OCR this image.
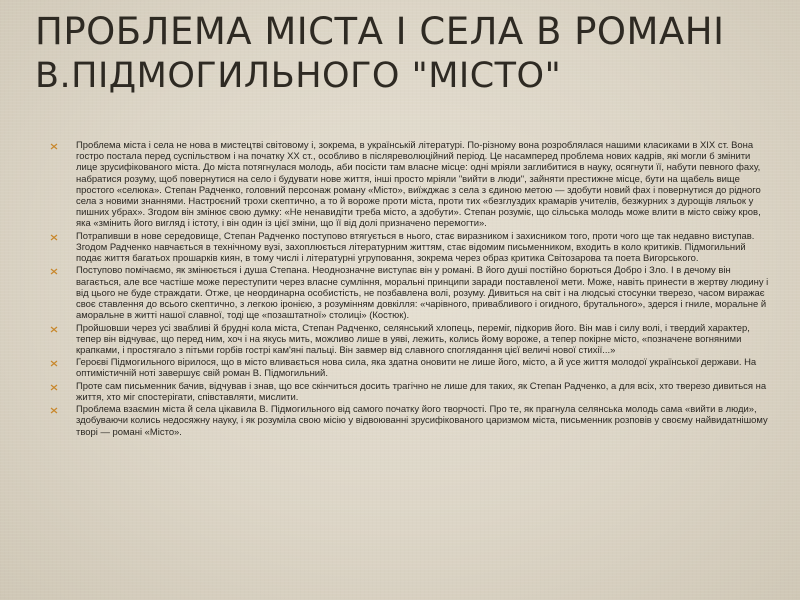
ПРОБЛЕМА МІСТА І СЕЛА В РОМАНІ
В.ПІДМОГИЛЬНОГО "МІСТО"
Проблема міста і села не нова в мистецтві світовому і, зокрема, в українській літературі. По-різному вона розроблялася нашими класиками в XIX ст. Вона гостро постала перед суспільством і на початку XX ст., особливо в післяреволюційний період. Це насамперед проблема нових кадрів, які могли б змінити лице зрусифікованого міста. До міста потягнулася молодь, аби посісти там власне місце: одні мріяли заглибитися в науку, осягнути її, набути певного фаху, набратися розуму, щоб повернутися на село і будувати нове життя, інші просто мріяли "вийти в люди", зайняти престижне місце, бути на щабель вище простого «селюка». Степан Радченко, головний персонаж роману «Місто», виїжджає з села з єдиною метою — здобути новий фах і повернутися до рідного села з новими знаннями. Настроєний трохи скептично, а то й вороже проти міста, проти тих «безглуздих крамарів учителів, безжурних з дурощів ляльок у пишних убрах». Згодом він змінює свою думку: «Не ненавидіти треба місто, а здобути». Степан розуміє, що сільська молодь може влити в місто свіжу кров, яка «змінить його вигляд і істоту, і він один із цієї зміни, що її від долі призначено перемогти».
Потрапивши в нове середовище, Степан Радченко поступово втягується в нього, стає виразником і захисником того, проти чого ще так недавно виступав. Згодом Радченко навчається в технічному вузі, захоплюється літературним життям, стає відомим письменником, входить в коло критиків. Підмогильний подає життя багатьох прошарків киян, в тому числі і літературні угруповання, зокрема через образ критика Світозарова та поета Вигорського.
Поступово помічаємо, як змінюється і душа Степана. Неоднозначне виступає він у романі. В його душі постійно борються Добро і Зло. І в дечому він вагається, але все частіше може переступити через власне сумління, моральні принципи заради поставленої мети. Може, навіть принести в жертву людину і від цього не буде страждати. Отже, це неординарна особистість, не позбавлена волі, розуму. Дивиться на світ і на людські стосунки тверезо, часом виражає своє ставлення до всього скептично, з легкою іронією, з розумінням довкілля: «чарівного, привабливого і огидного, брутального», здерся і гнилe, моральне й аморальне в житті нашої славної, тоді ще «позаштатної» столиці» (Костюк).
Пройшовши через усі звабливі й брудні кола міста, Степан Радченко, селянський хлопець, переміг, підкорив його. Він мав і силу волі, і твердий характер, тепер він відчуває, що перед ним, хоч і на якусь мить, можливо лише в уяві, лежить, колись йому вороже, а тепер покірне місто, «позначене вогняними крапками, і простягало з пітьми горбів гострі кам'яні пальці. Він завмер від славного споглядання цієї величі нової стихії...»
Героєві Підмогильного вірилося, що в місто вливається нова сила, яка здатна оновити не лише його, місто, а й усе життя молодої української держави. На оптимістичній ноті завершує свій роман В. Підмогильний.
Проте сам письменник бачив, відчував і знав, що все скінчиться досить трагічно не лише для таких, як Степан Радченко, а для всіх, хто тверезо дивиться на життя, хто міг спостерігати, співставляти, мислити.
Проблема взаємин міста й села цікавила В. Підмогильного від самого початку його творчості. Про те, як прагнула селянська молодь сама «вийти в люди», здобуваючи колись недосяжну науку, і як розуміла свою місію у відвоюванні зрусифікованого царизмом міста, письменник розповів у своєму найвидатнішому творі — романі «Місто».
